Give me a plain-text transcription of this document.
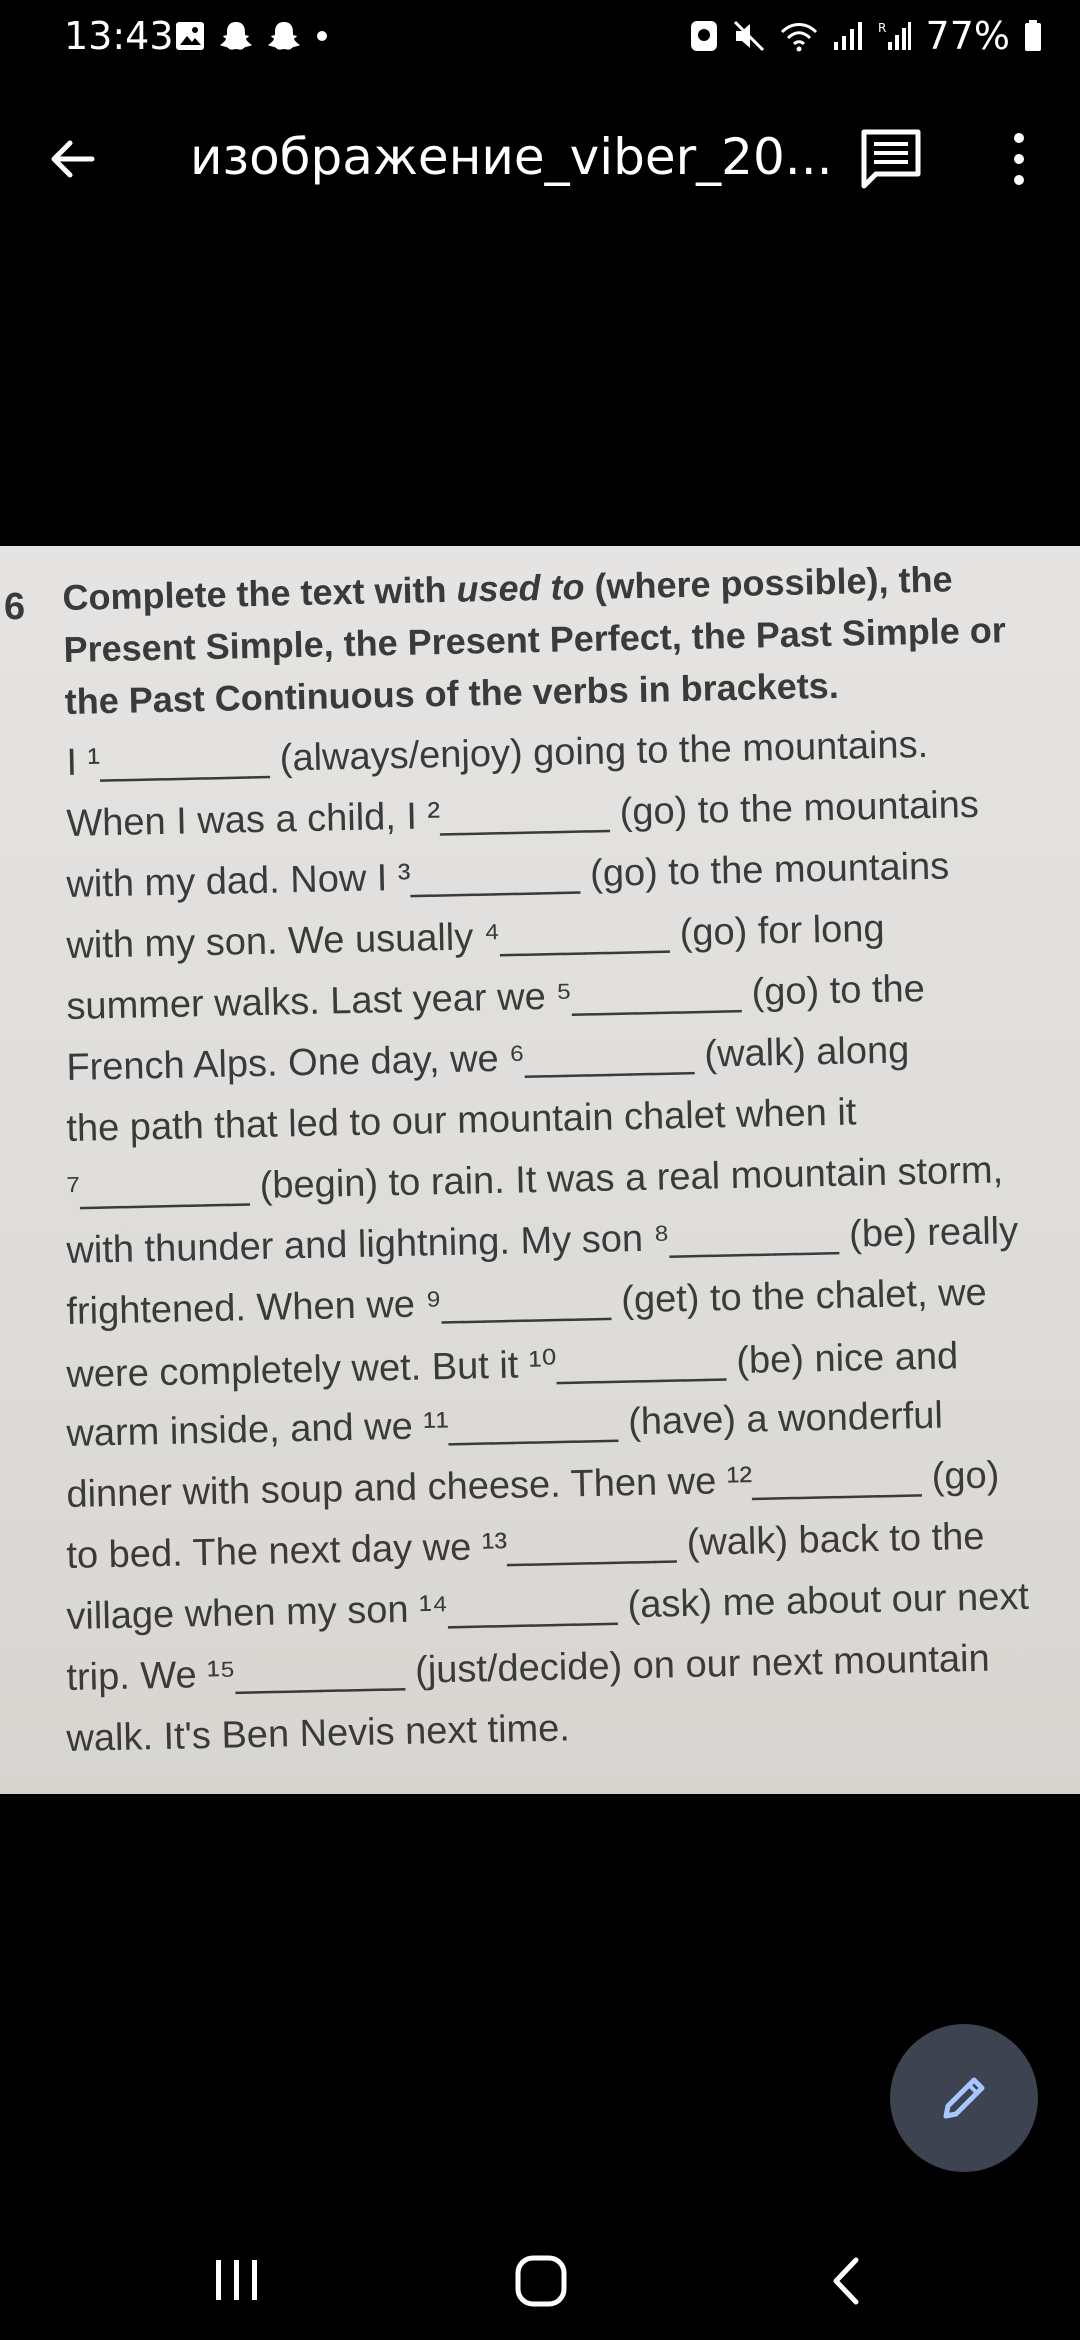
13:43	R 77%
изображение_viber_20...
6 Complete the text with used to (where possible), the Present Simple, the Present Perfect, the Past Simple or the Past Continuous of the verbs in brackets.
I ¹________ (always/enjoy) going to the mountains.
When I was a child, I ²________ (go) to the mountains
with my dad. Now I ³________ (go) to the mountains
with my son. We usually ⁴________ (go) for long
summer walks. Last year we ⁵________ (go) to the
French Alps. One day, we ⁶________ (walk) along
the path that led to our mountain chalet when it
⁷________ (begin) to rain. It was a real mountain storm,
with thunder and lightning. My son ⁸________ (be) really
frightened. When we ⁹________ (get) to the chalet, we
were completely wet. But it ¹⁰________ (be) nice and
warm inside, and we ¹¹________ (have) a wonderful
dinner with soup and cheese. Then we ¹²________ (go)
to bed. The next day we ¹³________ (walk) back to the
village when my son ¹⁴________ (ask) me about our next
trip. We ¹⁵________ (just/decide) on our next mountain
walk. It's Ben Nevis next time.
